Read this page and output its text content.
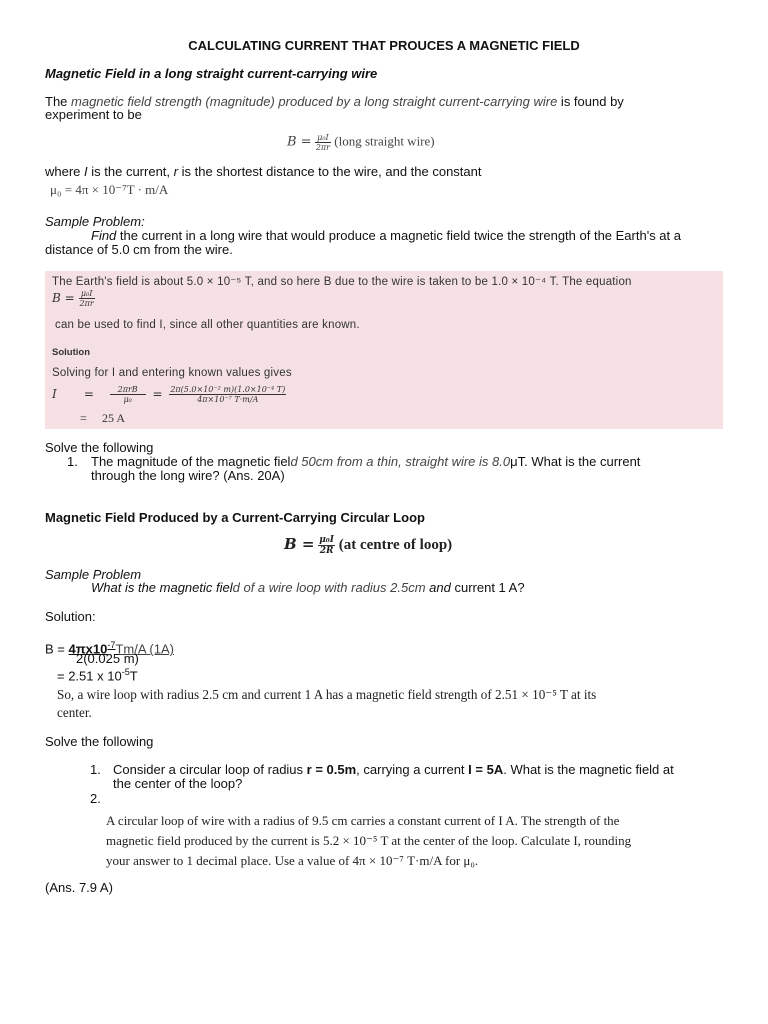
CALCULATING CURRENT THAT PROUCES A MAGNETIC FIELD
Magnetic Field in a long straight current-carrying wire
The magnetic field strength (magnitude) produced by a long straight current-carrying wire is found by
experiment to be
$B = \frac{\text{μ₀I}}{2\pi r}$ (long straight wire)
where I is the current, r is the shortest distance to the wire, and the constant
μ₀ = 4π × 10⁻⁷T · m/A
Sample Problem:
Find the current in a long wire that would produce a magnetic field twice the strength of the Earth's at a
distance of 5.0 cm from the wire.
The Earth's field is about 5.0 × 10⁻⁵ T, and so here B due to the wire is taken to be 1.0 × 10⁻⁴ T. The equation
$B = \frac{\text{μ₀I}}{2\pi r}$
can be used to find I, since all other quantities are known.
Solution
Solving for I and entering known values gives
$I = \frac{\text{2πrB}}{\text{μ₀}} = \frac{\text{2π(5.0×10⁻² m)(1.0×10⁻⁴ T)}}{\text{4π×10⁻⁷ T·m/A}}$
= 25 A
Solve the following
1. The magnitude of the magnetic field 50cm from a thin, straight wire is 8.0μT. What is the current
through the long wire? (Ans. 20A)
Magnetic Field Produced by a Current-Carrying Circular Loop
$B = \frac{\text{μ₀I}}{2R} (at$ centre of loop)
Sample Problem
What is the magnetic field of a wire loop with radius 2.5cm and current 1 A?
Solution:
$B = 4\pi x10^{-7}Tm/A$ (1A)
2(0.025 m)
= 2.51 x $10^{-5}T$
So, a wire loop with radius 2.5 cm and current 1 A has a magnetic field strength of 2.51 × 10⁻⁵ T at its
center.
Solve the following
1. Consider a circular loop of radius r = 0.5m, carrying a current I = 5A. What is the magnetic field at
the center of the loop?
2.
A circular loop of wire with a radius of 9.5 cm carries a constant current of I A. The strength of the
magnetic field produced by the current is 5.2 × 10⁻⁵ T at the center of the loop. Calculate I, rounding
your answer to 1 decimal place. Use a value of 4π × 10⁻⁷ T·m/A for μ₀.
(Ans. 7.9 A)
